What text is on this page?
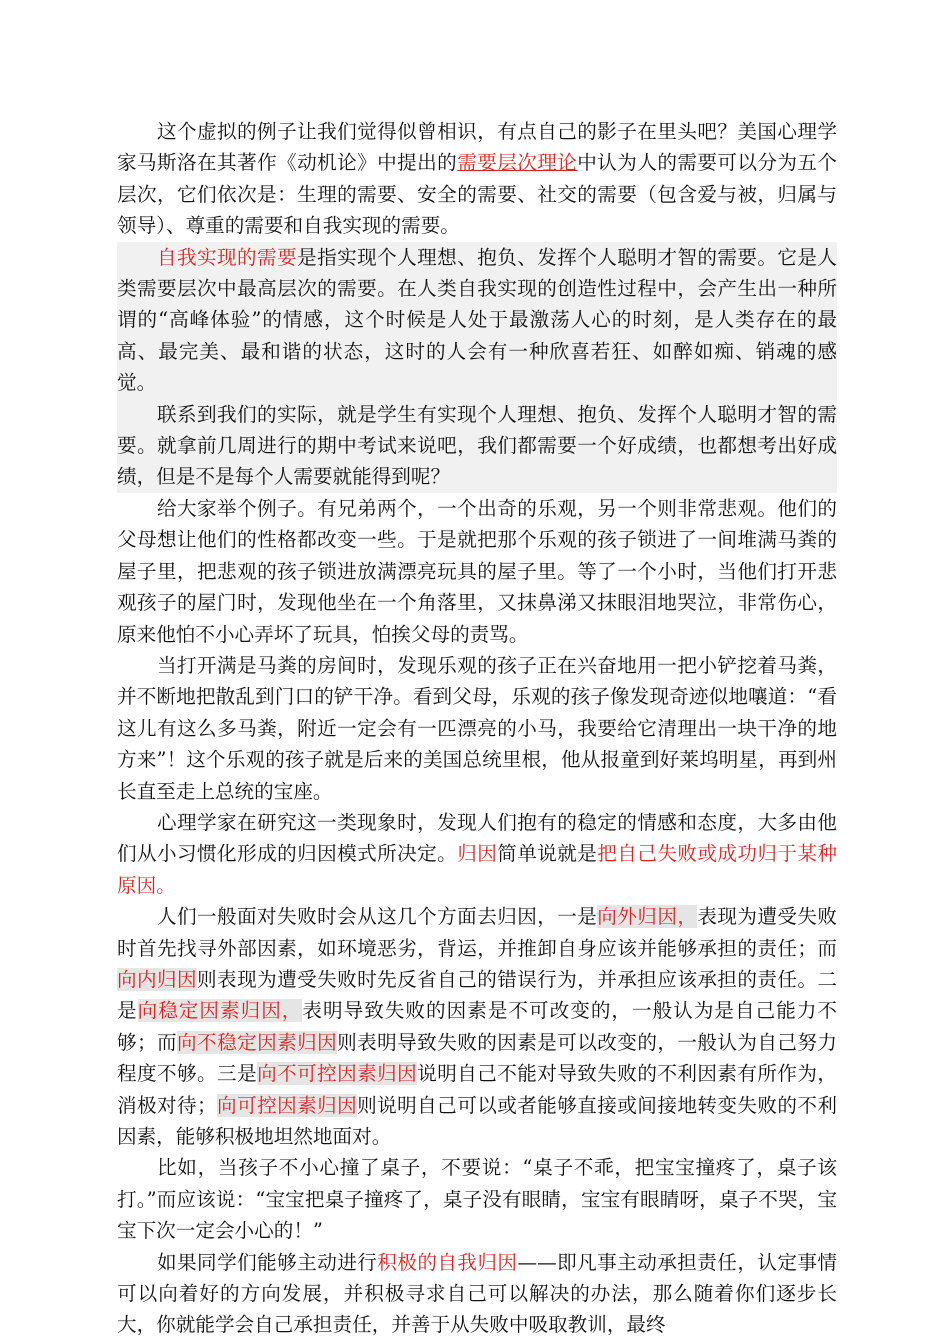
这个虚拟的例子让我们觉得似曾相识，有点自己的影子在里头吧？美国心理学家马斯洛在其著作《动机论》中提出的需要层次理论中认为人的需要可以分为五个层次，它们依次是：生理的需要、安全的需要、社交的需要（包含爱与被，归属与领导）、尊重的需要和自我实现的需要。

自我实现的需要是指实现个人理想、抱负、发挥个人聪明才智的需要。它是人类需要层次中最高层次的需要。在人类自我实现的创造性过程中，会产生出一种所谓的“高峰体验”的情感，这个时候是人处于最激荡人心的时刻，是人类存在的最高、最完美、最和谐的状态，这时的人会有一种欣喜若狂、如醉如痴、销魂的感觉。

联系到我们的实际，就是学生有实现个人理想、抱负、发挥个人聪明才智的需要。就拿前几周进行的期中考试来说吧，我们都需要一个好成绩，也都想考出好成绩，但是不是每个人需要就能得到呢？

给大家举个例子。有兄弟两个，一个出奇的乐观，另一个则非常悲观。他们的父母想让他们的性格都改变一些。于是就把那个乐观的孩子锁进了一间堆满马粪的屋子里，把悲观的孩子锁进放满漂亮玩具的屋子里。等了一个小时，当他们打开悲观孩子的屋门时，发现他坐在一个角落里，又抹鼻涕又抹眼泪地哭泣，非常伤心，原来他怕不小心弄坏了玩具，怕挨父母的责骂。

当打开满是马粪的房间时，发现乐观的孩子正在兴奋地用一把小铲挖着马粪，并不断地把散乱到门口的铲干净。看到父母，乐观的孩子像发现奇迹似地嚷道：“看这儿有这么多马粪，附近一定会有一匹漂亮的小马，我要给它清理出一块干净的地方来”！这个乐观的孩子就是后来的美国总统里根，他从报童到好莱坞明星，再到州长直至走上总统的宝座。

心理学家在研究这一类现象时，发现人们抱有的稳定的情感和态度，大多由他们从小习惯化形成的归因模式所决定。归因简单说就是把自己失败或成功归于某种原因。

人们一般面对失败时会从这几个方面去归因，一是向外归因，表现为遭受失败时首先找寻外部因素，如环境恶劣，背运，并推卸自身应该并能够承担的责任；而向内归因则表现为遭受失败时先反省自己的错误行为，并承担应该承担的责任。二是向稳定因素归因，表明导致失败的因素是不可改变的，一般认为是自己能力不够；而向不稳定因素归因则表明导致失败的因素是可以改变的，一般认为自己努力程度不够。三是向不可控因素归因说明自己不能对导致失败的不利因素有所作为，消极对待；向可控因素归因则说明自己可以或者能够直接或间接地转变失败的不利因素，能够积极地坦然地面对。

比如，当孩子不小心撞了桌子，不要说：“桌子不乖，把宝宝撞疼了，桌子该打。”而应该说：“宝宝把桌子撞疼了，桌子没有眼睛，宝宝有眼睛呀，桌子不哭，宝宝下次一定会小心的！”

如果同学们能够主动进行积极的自我归因——即凡事主动承担责任，认定事情可以向着好的方向发展，并积极寻求自己可以解决的办法，那么随着你们逐步长大，你就能学会自己承担责任，并善于从失败中吸取教训，最终
